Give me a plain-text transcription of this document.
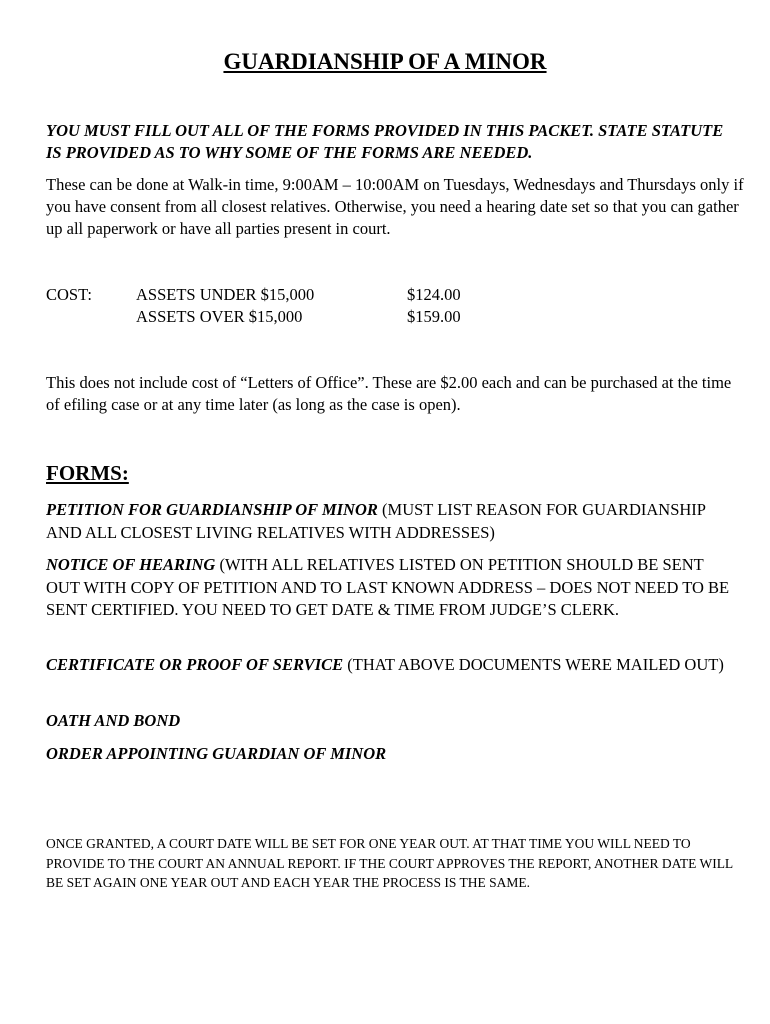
GUARDIANSHIP OF A MINOR
YOU MUST FILL OUT ALL OF THE FORMS PROVIDED IN THIS PACKET. STATE STATUTE IS PROVIDED AS TO WHY SOME OF THE FORMS ARE NEEDED.
These can be done at Walk-in time, 9:00AM – 10:00AM on Tuesdays, Wednesdays and Thursdays only if you have consent from all closest relatives. Otherwise, you need a hearing date set so that you can gather up all paperwork or have all parties present in court.
COST:	ASSETS UNDER $15,000	$124.00
ASSETS OVER $15,000	$159.00
This does not include cost of “Letters of Office”. These are $2.00 each and can be purchased at the time of efiling case or at any time later (as long as the case is open).
FORMS:
PETITION FOR GUARDIANSHIP OF MINOR (MUST LIST REASON FOR GUARDIANSHIP AND ALL CLOSEST LIVING RELATIVES WITH ADDRESSES)
NOTICE OF HEARING (WITH ALL RELATIVES LISTED ON PETITION SHOULD BE SENT OUT WITH COPY OF PETITION AND TO LAST KNOWN ADDRESS – DOES NOT NEED TO BE SENT CERTIFIED. YOU NEED TO GET DATE & TIME FROM JUDGE’S CLERK.
CERTIFICATE OR PROOF OF SERVICE (THAT ABOVE DOCUMENTS WERE MAILED OUT)
OATH AND BOND
ORDER APPOINTING GUARDIAN OF MINOR
ONCE GRANTED, A COURT DATE WILL BE SET FOR ONE YEAR OUT. AT THAT TIME YOU WILL NEED TO PROVIDE TO THE COURT AN ANNUAL REPORT. IF THE COURT APPROVES THE REPORT, ANOTHER DATE WILL BE SET AGAIN ONE YEAR OUT AND EACH YEAR THE PROCESS IS THE SAME.
